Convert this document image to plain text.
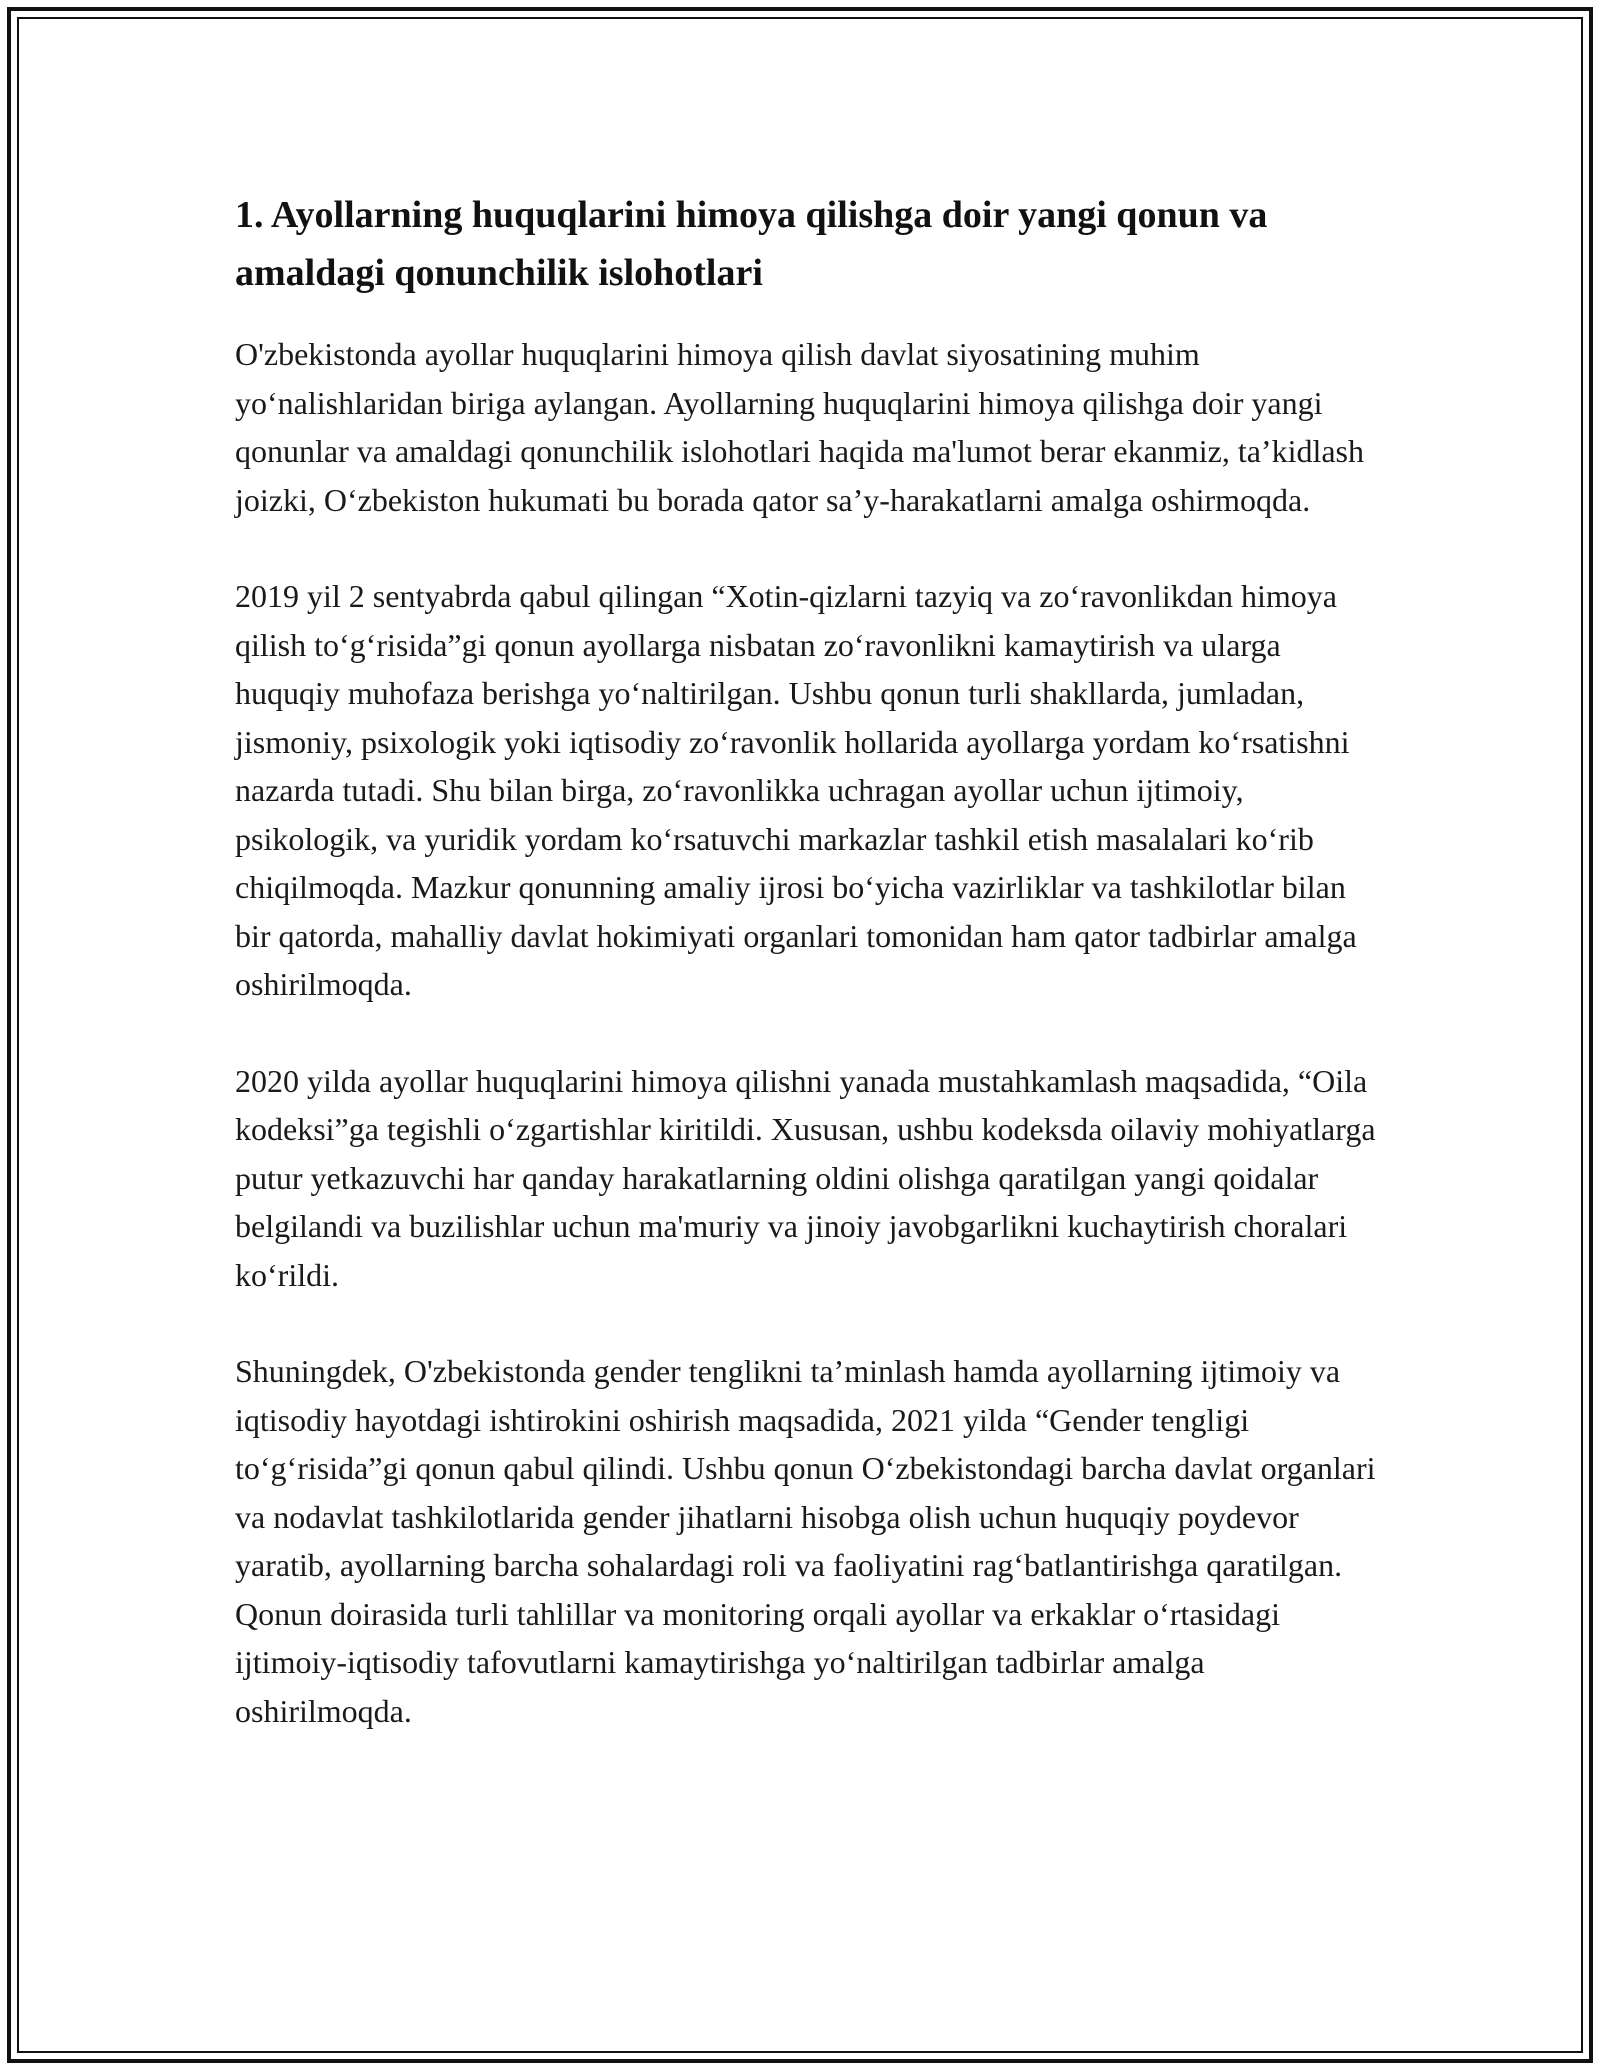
1. Ayollarning huquqlarini himoya qilishga doir yangi qonun va amaldagi qonunchilik islohotlari

O'zbekistonda ayollar huquqlarini himoya qilish davlat siyosatining muhim yo‘nalishlaridan biriga aylangan. Ayollarning huquqlarini himoya qilishga doir yangi qonunlar va amaldagi qonunchilik islohotlari haqida ma'lumot berar ekanmiz, ta’kidlash joizki, O‘zbekiston hukumati bu borada qator sa’y-harakatlarni amalga oshirmoqda.

2019 yil 2 sentyabrda qabul qilingan “Xotin-qizlarni tazyiq va zo‘ravonlikdan himoya qilish to‘g‘risida”gi qonun ayollarga nisbatan zo‘ravonlikni kamaytirish va ularga huquqiy muhofaza berishga yo‘naltirilgan. Ushbu qonun turli shakllarda, jumladan, jismoniy, psixologik yoki iqtisodiy zo‘ravonlik hollarida ayollarga yordam ko‘rsatishni nazarda tutadi. Shu bilan birga, zo‘ravonlikka uchragan ayollar uchun ijtimoiy, psikologik, va yuridik yordam ko‘rsatuvchi markazlar tashkil etish masalalari ko‘rib chiqilmoqda. Mazkur qonunning amaliy ijrosi bo‘yicha vazirliklar va tashkilotlar bilan bir qatorda, mahalliy davlat hokimiyati organlari tomonidan ham qator tadbirlar amalga oshirilmoqda.

2020 yilda ayollar huquqlarini himoya qilishni yanada mustahkamlash maqsadida, “Oila kodeksi”ga tegishli o‘zgartishlar kiritildi. Xususan, ushbu kodeksda oilaviy mohiyatlarga putur yetkazuvchi har qanday harakatlarning oldini olishga qaratilgan yangi qoidalar belgilandi va buzilishlar uchun ma'muriy va jinoiy javobgarlikni kuchaytirish choralari ko‘rildi.

Shuningdek, O'zbekistonda gender tenglikni ta’minlash hamda ayollarning ijtimoiy va iqtisodiy hayotdagi ishtirokini oshirish maqsadida, 2021 yilda “Gender tengligi to‘g‘risida”gi qonun qabul qilindi. Ushbu qonun O‘zbekistondagi barcha davlat organlari va nodavlat tashkilotlarida gender jihatlarni hisobga olish uchun huquqiy poydevor yaratib, ayollarning barcha sohalardagi roli va faoliyatini rag‘batlantirishga qaratilgan. Qonun doirasida turli tahlillar va monitoring orqali ayollar va erkaklar o‘rtasidagi ijtimoiy-iqtisodiy tafovutlarni kamaytirishga yo‘naltirilgan tadbirlar amalga oshirilmoqda.
